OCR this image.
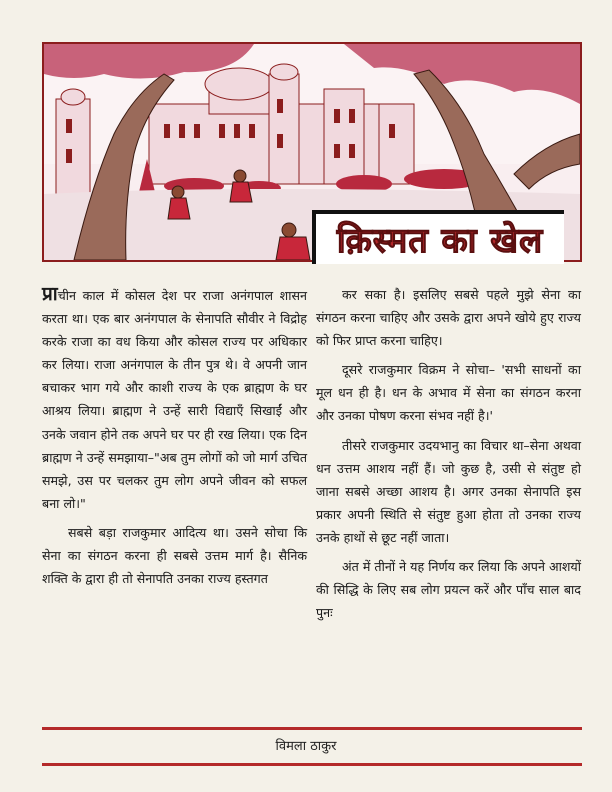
क़िस्मत का खेल

प्राचीन काल में कोसल देश पर राजा अनंगपाल शासन करता था। एक बार अनंगपाल के सेनापति सौवीर ने विद्रोह करके राजा का वध किया और कोसल राज्य पर अधिकार कर लिया। राजा अनंगपाल के तीन पुत्र थे। वे अपनी जान बचाकर भाग गये और काशी राज्य के एक ब्राह्मण के घर आश्रय लिया। ब्राह्मण ने उन्हें सारी विद्याएँ सिखाईं और उनके जवान होने तक अपने घर पर ही रख लिया। एक दिन ब्राह्मण ने उन्हें समझाया–"अब तुम लोगों को जो मार्ग उचित समझे, उस पर चलकर तुम लोग अपने जीवन को सफल बना लो।"

सबसे बड़ा राजकुमार आदित्य था। उसने सोचा कि सेना का संगठन करना ही सबसे उत्तम मार्ग है। सैनिक शक्ति के द्वारा ही तो सेनापति उनका राज्य हस्तगत

कर सका है। इसलिए सबसे पहले मुझे सेना का संगठन करना चाहिए और उसके द्वारा अपने खोये हुए राज्य को फिर प्राप्त करना चाहिए।

दूसरे राजकुमार विक्रम ने सोचा– 'सभी साधनों का मूल धन ही है। धन के अभाव में सेना का संगठन करना और उनका पोषण करना संभव नहीं है।'

तीसरे राजकुमार उदयभानु का विचार था–सेना अथवा धन उत्तम आशय नहीं हैं। जो कुछ है, उसी से संतुष्ट हो जाना सबसे अच्छा आशय है। अगर उनका सेनापति इस प्रकार अपनी स्थिति से संतुष्ट हुआ होता तो उनका राज्य उनके हाथों से छूट नहीं जाता।

अंत में तीनों ने यह निर्णय कर लिया कि अपने आशयों की सिद्धि के लिए सब लोग प्रयत्न करें और पाँच साल बाद पुनः

विमला ठाकुर
